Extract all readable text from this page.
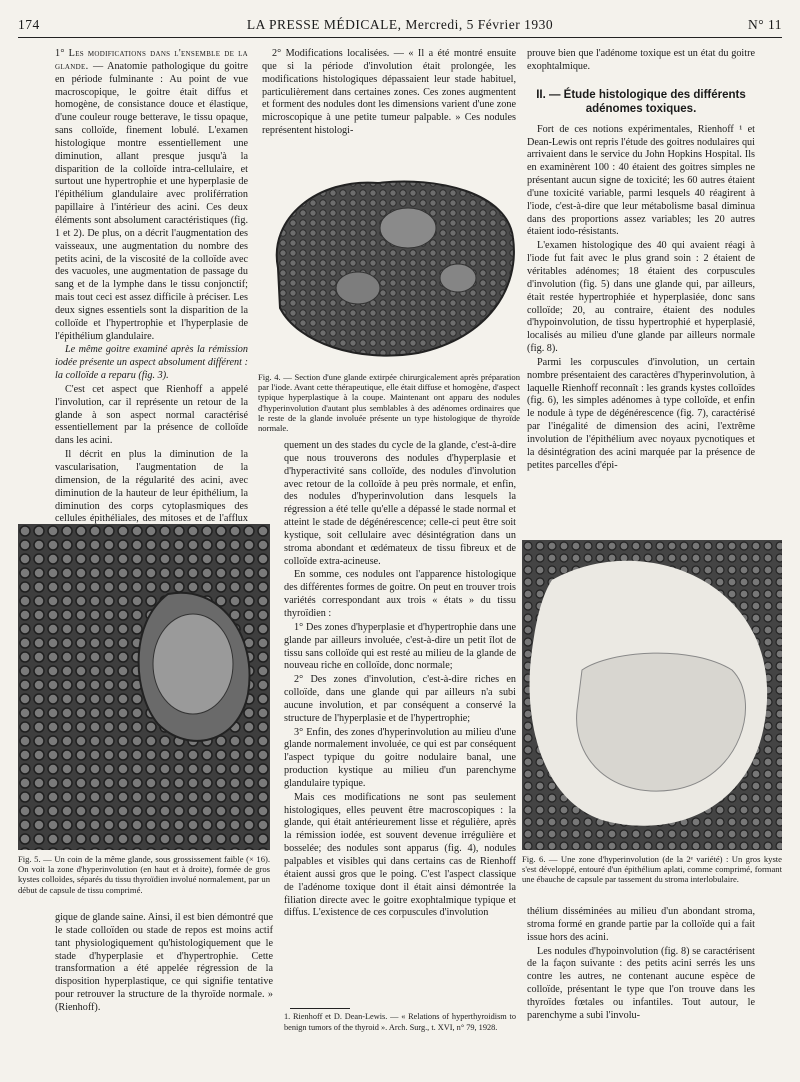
174	LA PRESSE MÉDICALE, Mercredi, 5 Février 1930	N° 11

1° Les modifications dans l'ensemble de la glande. — Anatomie pathologique du goitre en période fulminante : Au point de vue macroscopique, le goitre était diffus et homogène, de consistance douce et élastique, d'une couleur rouge betterave, le tissu opaque, sans colloïde, finement lobulé. L'examen histologique montre essentiellement une diminution, allant presque jusqu'à la disparition de la colloïde intra-cellulaire, et surtout une hypertrophie et une hyperplasie de l'épithélium glandulaire avec proliférration papillaire à l'intérieur des acini. Ces deux éléments sont absolument caractéristiques (fig. 1 et 2). De plus, on a décrit l'augmentation des vaisseaux, une augmentation du nombre des petits acini, de la viscosité de la colloïde avec des vacuoles, une augmentation de passage du sang et de la lymphe dans le tissu conjonctif; mais tout ceci est assez difficile à préciser. Les deux signes essentiels sont la disparition de la colloïde et l'hypertrophie et l'hyperplasie de l'épithélium glandulaire.

Le même goitre examiné après la rémission iodée présente un aspect absolument différent : la colloïde a reparu (fig. 3).

C'est cet aspect que Rienhoff a appelé l'involution, car il représente un retour de la glande à son aspect normal caractérisé essentiellement par la présence de colloïde dans les acini.

Il décrit en plus la diminution de la vascularisation, l'augmentation de la dimension, de la régularité des acini, avec diminution de la hauteur de leur épithélium, la diminution des corps cytoplasmiques des cellules épithéliales, des mitoses et de l'afflux

2° Modifications localisées. — « Il a été montré ensuite que si la période d'involution était prolongée, les modifications histologiques dépassaient leur stade habituel, particulièrement dans certaines zones. Ces zones augmentent et forment des nodules dont les dimensions varient d'une zone microscopique à une petite tumeur palpable. » Ces nodules représentent histologi-

Fig. 4. — Section d'une glande extirpée chirurgicalement après préparation par l'iode. Avant cette thérapeutique, elle était diffuse et homogène, d'aspect typique hyperplastique à la coupe. Maintenant ont apparu des nodules d'hyperinvolution d'autant plus semblables à des adénomes ordinaires que le reste de la glande involuée présente un type histologique de thyroïde normale.

prouve bien que l'adénome toxique est un état du goitre exophtalmique.

II. — Étude histologique des différents adénomes toxiques.

Fort de ces notions expérimentales, Rienhoff ¹ et Dean-Lewis ont repris l'étude des goitres nodulaires qui arrivaient dans le service du John Hopkins Hospital. Ils en examinèrent 100 : 40 étaient des goitres simples ne présentant aucun signe de toxicité; les 60 autres étaient d'une toxicité variable, parmi lesquels 40 réagirent à l'iode, c'est-à-dire que leur métabolisme basal diminua dans des proportions assez variables; les 20 autres étaient iodo-résistants.

L'examen histologique des 40 qui avaient réagi à l'iode fut fait avec le plus grand soin : 2 étaient de véritables adénomes; 18 étaient des corpuscules d'involution (fig. 5) dans une glande qui, par ailleurs, était restée hypertrophiée et hyperplasiée, donc sans colloïde; 20, au contraire, étaient des nodules d'hypoinvolution, de tissu hypertrophié et hyperplasié, localisés au milieu d'une glande par ailleurs normale (fig. 8).

Parmi les corpuscules d'involution, un certain nombre présentaient des caractères d'hyperinvolution, à laquelle Rienhoff reconnaît : les grands kystes colloïdes (fig. 6), les simples adénomes à type colloïde, et enfin le nodule à type de dégénérescence (fig. 7), caractérisé par l'inégalité de dimension des acini, l'extrême involution de l'épithélium avec noyaux pycnotiques et la désintégration des acini marquée par la présence de petites parcelles d'épi-

Fig. 5. — Un coin de la même glande, sous grossissement faible (× 16). On voit la zone d'hyperinvolution (en haut et à droite), formée de gros kystes colloïdes, séparés du tissu thyroïdien involué normalement, par un début de capsule de tissu comprimé.

quement un des stades du cycle de la glande, c'est-à-dire que nous trouverons des nodules d'hyperplasie et d'hyperactivité sans colloïde, des nodules d'involution avec retour de la colloïde à peu près normale, et enfin, des nodules d'hyperinvolution dans lesquels la régression a été telle qu'elle a dépassé le stade normal et atteint le stade de dégénérescence; celle-ci peut être soit kystique, soit cellulaire avec désintégration dans un stroma abondant et œdémateux de tissu fibreux et de colloïde extra-acineuse.

En somme, ces nodules ont l'apparence histologique des différentes formes de goitre. On peut en trouver trois variétés correspondant aux trois « états » du tissu thyroïdien :

1° Des zones d'hyperplasie et d'hypertrophie dans une glande par ailleurs involuée, c'est-à-dire un petit îlot de tissu sans colloïde qui est resté au milieu de la glande de nouveau riche en colloïde, donc normale;

2° Des zones d'involution, c'est-à-dire riches en colloïde, dans une glande qui par ailleurs n'a subi aucune involution, et par conséquent a conservé la structure de l'hyperplasie et de l'hypertrophie;

3° Enfin, des zones d'hyperinvolution au milieu d'une glande normalement involuée, ce qui est par conséquent l'aspect typique du goitre nodulaire banal, une production kystique au milieu d'un parenchyme glandulaire typique.

Mais ces modifications ne sont pas seulement histologiques, elles peuvent être macroscopiques : la glande, qui était antérieurement lisse et régulière, après la rémission iodée, est souvent devenue irrégulière et bosselée; des nodules sont apparus (fig. 4), nodules palpables et visibles qui dans certains cas de Rienhoff étaient aussi gros que le poing. C'est l'aspect classique de l'adénome toxique dont il était ainsi démontrée la filiation directe avec le goitre exophtalmique typique et diffus. L'existence de ces corpuscules d'involution

gique de glande saine. Ainsi, il est bien démontré que le stade colloïden ou stade de repos est moins actif tant physiologiquement qu'histologiquement que le stade d'hyperplasie et d'hypertrophie. Cette transformation a été appelée régression de la disposition hyperplastique, ce qui signifie tentative pour retrouver la structure de la thyroïde normale. » (Rienhoff).

1. Rienhoff et D. Dean-Lewis. — « Relations of hyperthyroidism to benign tumors of the thyroid ». Arch. Surg., t. XVI, n° 79, 1928.
Fig. 6. — Une zone d'hyperinvolution (de la 2ᵉ variété) : Un gros kyste s'est développé, entouré d'un épithélium aplati, comme comprimé, formant une ébauche de capsule par tassement du stroma interlobulaire.

thélium disséminées au milieu d'un abondant stroma, stroma formé en grande partie par la colloïde qui a fait issue hors des acini.

Les nodules d'hypoinvolution (fig. 8) se caractérisent de la façon suivante : des petits acini serrés les uns contre les autres, ne contenant aucune espèce de colloïde, présentant le type que l'on trouve dans les thyroïdes fœtales ou infantiles. Tout autour, le parenchyme a subi l'involu-
